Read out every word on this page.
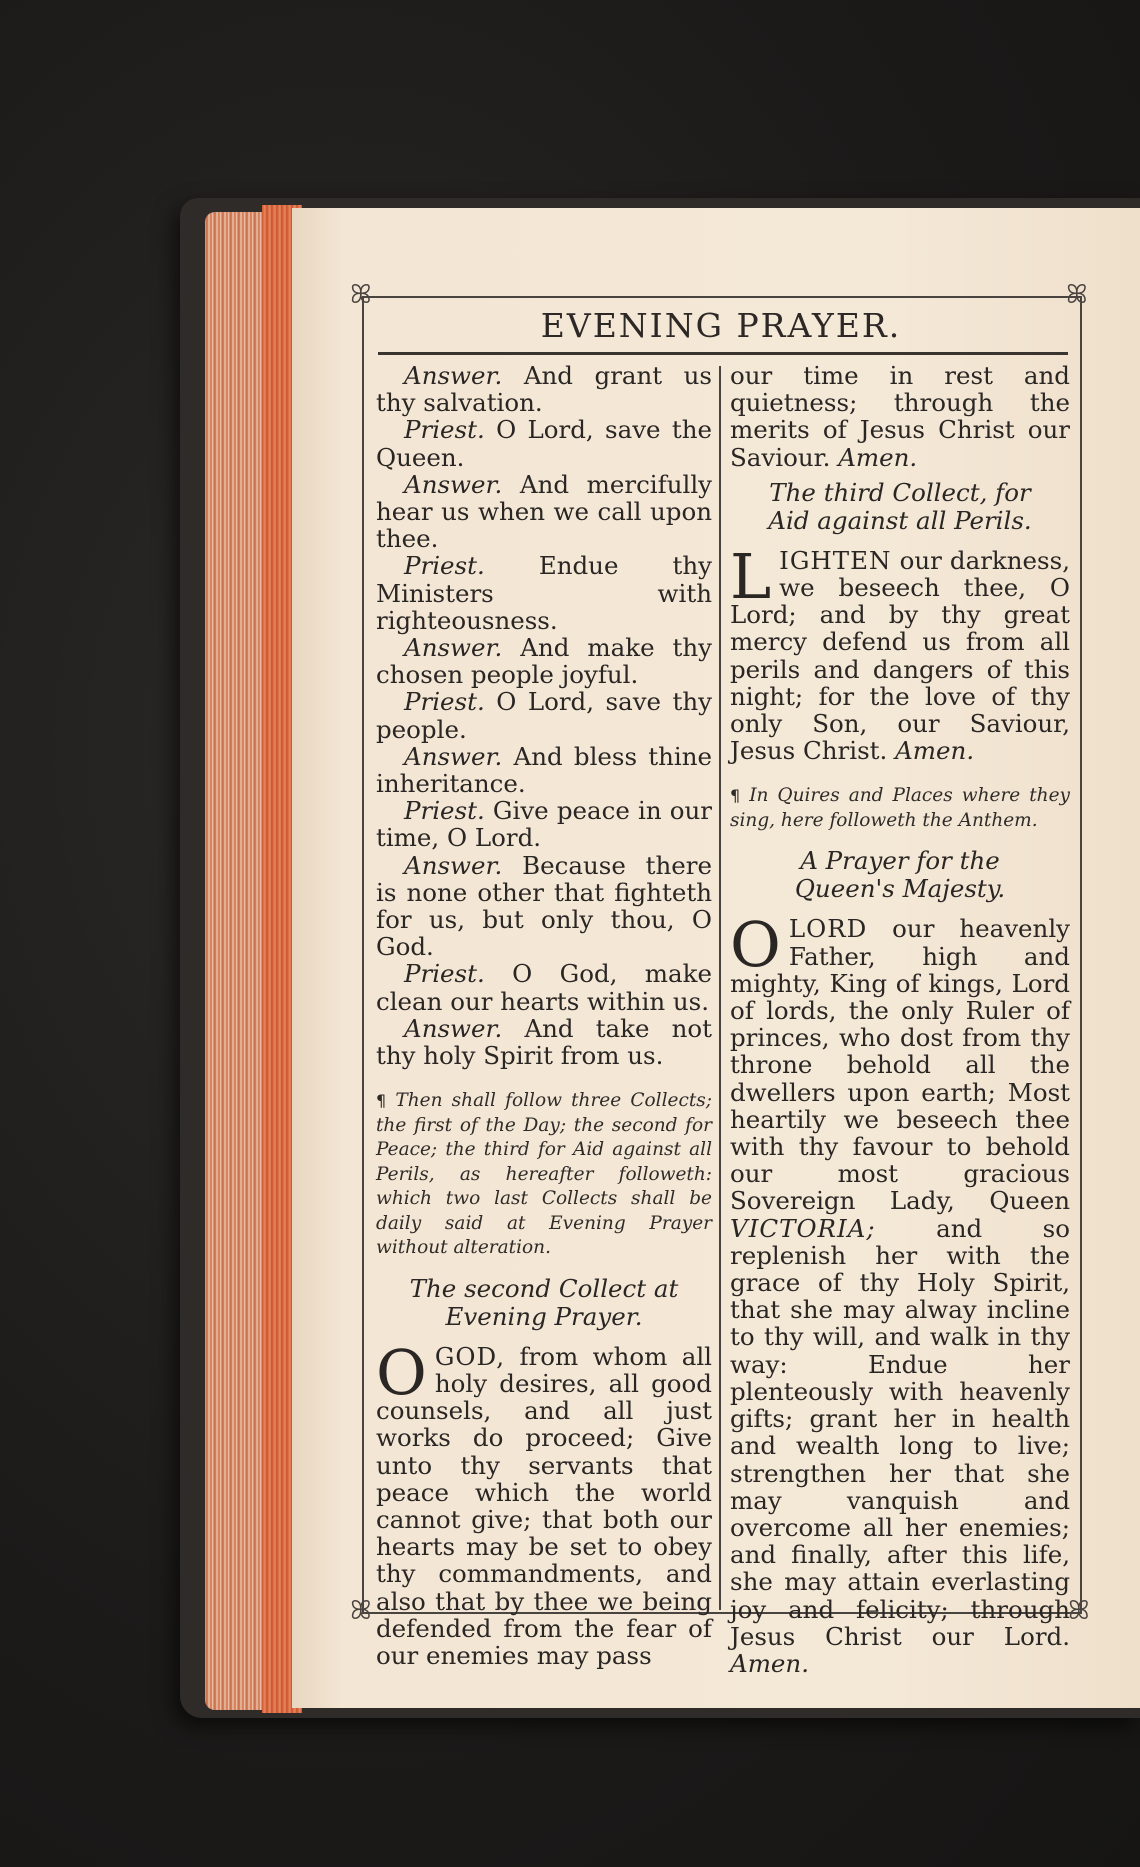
ꕤ	ꕤ
ꕤ	ꕤ
EVENING PRAYER.

Answer. And grant us thy salvation.

Priest. O Lord, save the Queen.

Answer. And mercifully hear us when we call upon thee.

Priest. Endue thy Ministers with righteousness.

Answer. And make thy chosen people joyful.

Priest. O Lord, save thy people.

Answer. And bless thine inheritance.

Priest. Give peace in our time, O Lord.

Answer. Because there is none other that fighteth for us, but only thou, O God.

Priest. O God, make clean our hearts within us.

Answer. And take not thy holy Spirit from us.

¶ Then shall follow three Collects; the first of the Day; the second for Peace; the third for Aid against all Perils, as hereafter followeth: which two last Collects shall be daily said at Evening Prayer without alteration.

The second Collect at Evening Prayer.

O GOD, from whom all holy desires, all good counsels, and all just works do proceed; Give unto thy servants that peace which the world cannot give; that both our hearts may be set to obey thy commandments, and also that by thee we being defended from the fear of our enemies may pass

our time in rest and quietness; through the merits of Jesus Christ our Saviour. Amen.

The third Collect, for Aid against all Perils.

LIGHTEN our darkness, we beseech thee, O Lord; and by thy great mercy defend us from all perils and dangers of this night; for the love of thy only Son, our Saviour, Jesus Christ. Amen.

¶ In Quires and Places where they sing, here followeth the Anthem.

A Prayer for the Queen's Majesty.

O LORD our heavenly Father, high and mighty, King of kings, Lord of lords, the only Ruler of princes, who dost from thy throne behold all the dwellers upon earth; Most heartily we beseech thee with thy favour to behold our most gracious Sovereign Lady, Queen VICTORIA; and so replenish her with the grace of thy Holy Spirit, that she may alway incline to thy will, and walk in thy way: Endue her plenteously with heavenly gifts; grant her in health and wealth long to live; strengthen her that she may vanquish and overcome all her enemies; and finally, after this life, she may attain everlasting joy and felicity; through Jesus Christ our Lord. Amen.
